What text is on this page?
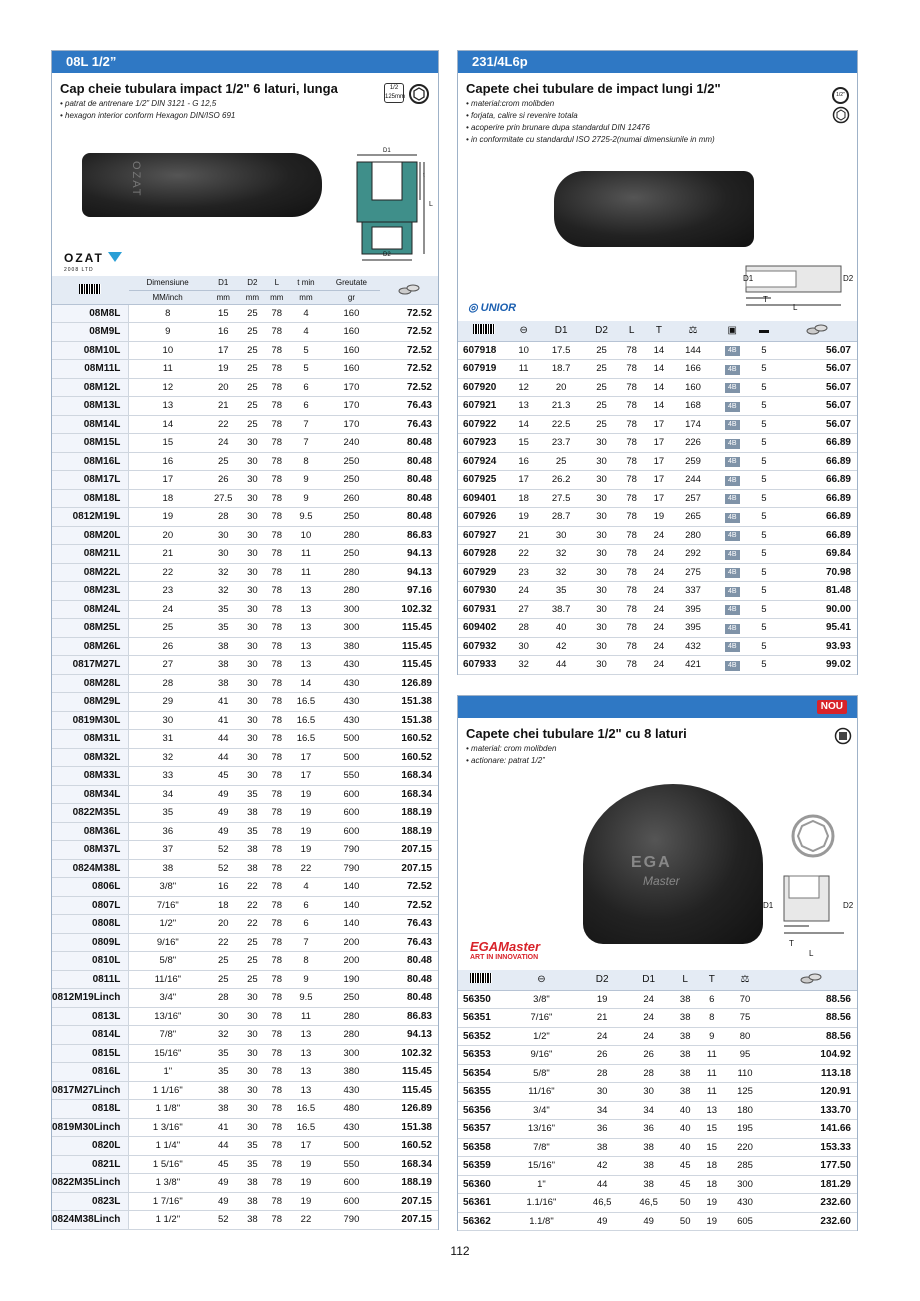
08L 1/2”
Cap cheie tubulara impact 1/2" 6 laturi, lunga	1/2
125mm
• patrat de antrenare 1/2” DIN 3121 - G 12,5
• hexagon interior conform Hexagon DIN/ISO 691
OZAT
D1
D2
t
L
OZAT
2008 LTD
	Dimensiune	D1	D2	L	t min	Greutate	
	MM/inch	mm	mm	mm	mm	gr	
08M8L	8	15	25	78	4	160	72.52
08M9L	9	16	25	78	4	160	72.52
08M10L	10	17	25	78	5	160	72.52
08M11L	11	19	25	78	5	160	72.52
08M12L	12	20	25	78	6	170	72.52
08M13L	13	21	25	78	6	170	76.43
08M14L	14	22	25	78	7	170	76.43
08M15L	15	24	30	78	7	240	80.48
08M16L	16	25	30	78	8	250	80.48
08M17L	17	26	30	78	9	250	80.48
08M18L	18	27.5	30	78	9	260	80.48
0812M19L	19	28	30	78	9.5	250	80.48
08M20L	20	30	30	78	10	280	86.83
08M21L	21	30	30	78	11	250	94.13
08M22L	22	32	30	78	11	280	94.13
08M23L	23	32	30	78	13	280	97.16
08M24L	24	35	30	78	13	300	102.32
08M25L	25	35	30	78	13	300	115.45
08M26L	26	38	30	78	13	380	115.45
0817M27L	27	38	30	78	13	430	115.45
08M28L	28	38	30	78	14	430	126.89
08M29L	29	41	30	78	16.5	430	151.38
0819M30L	30	41	30	78	16.5	430	151.38
08M31L	31	44	30	78	16.5	500	160.52
08M32L	32	44	30	78	17	500	160.52
08M33L	33	45	30	78	17	550	168.34
08M34L	34	49	35	78	19	600	168.34
0822M35L	35	49	38	78	19	600	188.19
08M36L	36	49	35	78	19	600	188.19
08M37L	37	52	38	78	19	790	207.15
0824M38L	38	52	38	78	22	790	207.15
0806L	3/8"	16	22	78	4	140	72.52
0807L	7/16"	18	22	78	6	140	72.52
0808L	1/2"	20	22	78	6	140	76.43
0809L	9/16"	22	25	78	7	200	76.43
0810L	5/8"	25	25	78	8	200	80.48
0811L	11/16"	25	25	78	9	190	80.48
0812M19Linch	3/4"	28	30	78	9.5	250	80.48
0813L	13/16"	30	30	78	11	280	86.83
0814L	7/8"	32	30	78	13	280	94.13
0815L	15/16"	35	30	78	13	300	102.32
0816L	1"	35	30	78	13	380	115.45
0817M27Linch	1 1/16"	38	30	78	13	430	115.45
0818L	1 1/8"	38	30	78	16.5	480	126.89
0819M30Linch	1 3/16"	41	30	78	16.5	430	151.38
0820L	1 1/4"	44	35	78	17	500	160.52
0821L	1 5/16"	45	35	78	19	550	168.34
0822M35Linch	1 3/8"	49	38	78	19	600	188.19
0823L	1 7/16"	49	38	78	19	600	207.15
0824M38Linch	1 1/2"	52	38	78	22	790	207.15
231/4L6p
Capete chei tubulare de impact lungi 1/2"	1/2"
• material:crom molibden
• forjata, calire si revenire totala
• acoperire prin brunare dupa standardul DIN 12476
• in conformitate cu standardul ISO 2725-2(numai dimensiunile in mm)
D1	D2
T
L
◎ UNIOR
	⊖	D1	D2	L	T	⚖	▣	▬	
607918	10	17.5	25	78	14	144	4B	5	56.07
607919	11	18.7	25	78	14	166	4B	5	56.07
607920	12	20	25	78	14	160	4B	5	56.07
607921	13	21.3	25	78	14	168	4B	5	56.07
607922	14	22.5	25	78	17	174	4B	5	56.07
607923	15	23.7	30	78	17	226	4B	5	66.89
607924	16	25	30	78	17	259	4B	5	66.89
607925	17	26.2	30	78	17	244	4B	5	66.89
609401	18	27.5	30	78	17	257	4B	5	66.89
607926	19	28.7	30	78	19	265	4B	5	66.89
607927	21	30	30	78	24	280	4B	5	66.89
607928	22	32	30	78	24	292	4B	5	69.84
607929	23	32	30	78	24	275	4B	5	70.98
607930	24	35	30	78	24	337	4B	5	81.48
607931	27	38.7	30	78	24	395	4B	5	90.00
609402	28	40	30	78	24	395	4B	5	95.41
607932	30	42	30	78	24	432	4B	5	93.93
607933	32	44	30	78	24	421	4B	5	99.02
NOU
Capete chei tubulare 1/2" cu 8 laturi
• material: crom molibden
• actionare: patrat 1/2”
EGA
Master
D1	D2
T
L
EGAMaster
ART IN INNOVATION
	⊖	D2	D1	L	T	⚖	
56350	3/8"	19	24	38	6	70	88.56
56351	7/16"	21	24	38	8	75	88.56
56352	1/2"	24	24	38	9	80	88.56
56353	9/16"	26	26	38	11	95	104.92
56354	5/8"	28	28	38	11	110	113.18
56355	11/16"	30	30	38	11	125	120.91
56356	3/4"	34	34	40	13	180	133.70
56357	13/16"	36	36	40	15	195	141.66
56358	7/8"	38	38	40	15	220	153.33
56359	15/16"	42	38	45	18	285	177.50
56360	1"	44	38	45	18	300	181.29
56361	1.1/16"	46,5	46,5	50	19	430	232.60
56362	1.1/8"	49	49	50	19	605	232.60
112
